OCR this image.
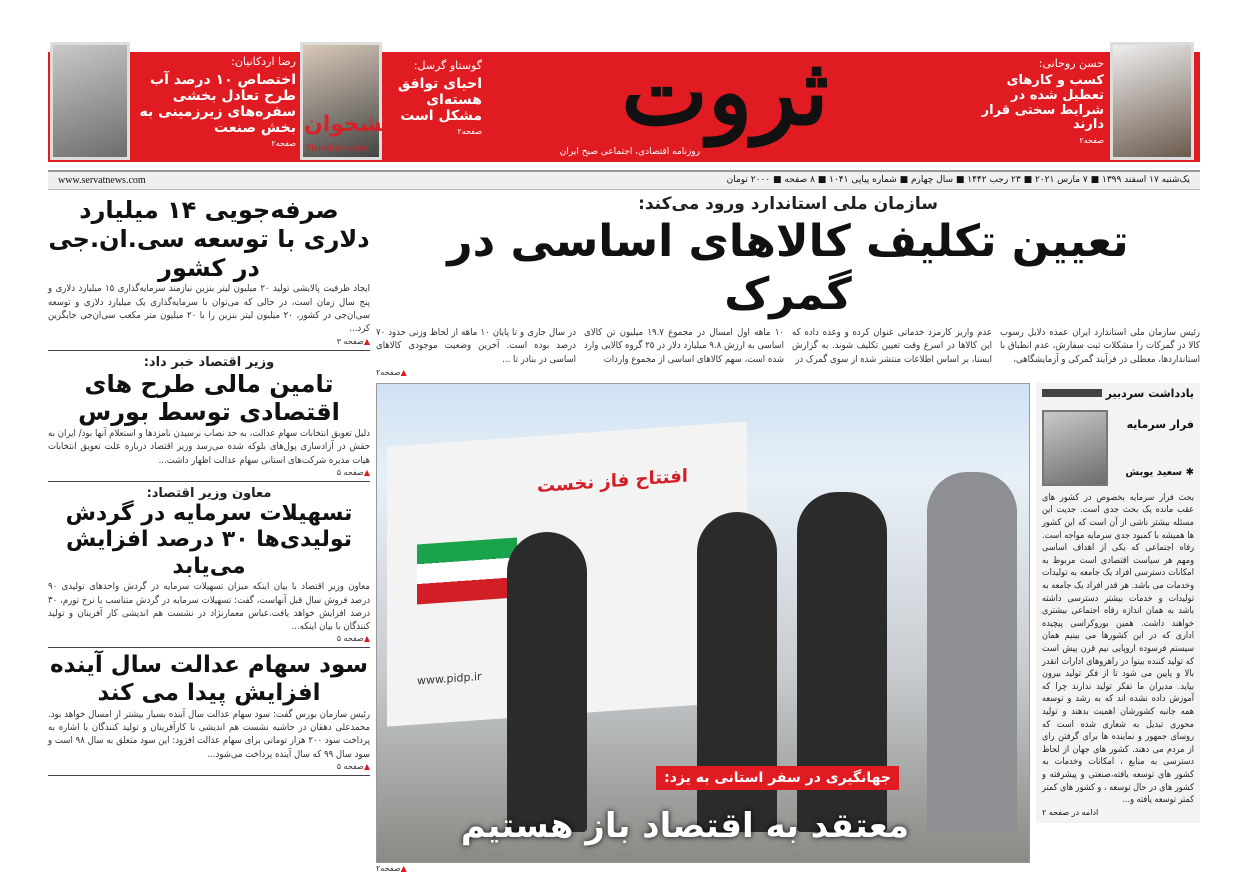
رضا اردکانیان:
اختصاص ۱۰ درصد آب طرح تعادل بخشی سفره‌های زیرزمینی به بخش صنعت
صفحه۲
گوستاو گرسل:
احیای توافق هسته‌ای مشکل است
صفحه۲
پیشخوان
Pishkhan.com
ثروت
روزنامه اقتصادی، اجتماعی صبح ایران
حسن روحانی:
کسب و کارهای تعطیل شده در شرایط سختی قرار دارند
صفحه۲
www.servatnews.com	یک‌شنبه ۱۷ اسفند ۱۳۹۹ ■ ۷ مارس ۲۰۲۱ ■ ۲۳ رجب ۱۴۴۲ ■ سال چهارم ■ شماره پیاپی ۱۰۴۱ ■ ۸ صفحه ■ ۲۰۰۰ تومان
صرفه‌جویی ۱۴ میلیارد دلاری با توسعه سی.ان.جی در کشور
ایجاد ظرفیت پالایشی تولید ۲۰ میلیون لیتر بنزین نیازمند سرمایه‌گذاری ۱۵ میلیارد دلاری و پنج سال زمان است، در حالی که می‌توان با سرمایه‌گذاری یک میلیارد دلاری و توسعه سی‌ان‌جی در کشور، ۲۰ میلیون لیتر بنزین را با ۲۰ میلیون متر مکعب سی‌ان‌جی جایگزین کرد...
▲ صفحه ۳
وزیر اقتصاد خبر داد:
تامین مالی طرح های اقتصادی توسط بورس
دلیل تعویق انتخابات سهام عدالت، به حد نصاب نرسیدن نامزدها و استعلام آنها بود/ ایران به حقش در آزادسازی پول‌های بلوکه شده می‌رسد وزیر اقتصاد درباره علت تعویق انتخابات هیات مدیره شرکت‌های استانی سهام عدالت اظهار داشت...
▲ صفحه ۵
معاون وزیر اقتصاد:
تسهیلات سرمایه در گردش تولیدی‌ها ۳۰ درصد افزایش می‌یابد
معاون وزیر اقتصاد با بیان اینکه میزان تسهیلات سرمایه در گردش واحدهای تولیدی ۹۰ درصد فروش سال قبل آنهاست، گفت: تسهیلات سرمایه در گردش متناسب با نرخ تورم، ۳۰ درصد افزایش خواهد یافت.عباس معمارنژاد در نشست هم اندیشی کار آفرینان و تولید کنندگان با بیان اینکه...
▲ صفحه ۵
سود سهام عدالت سال آینده افزایش پیدا می کند
رئیس سازمان بورس گفت: سود سهام عدالت سال آینده بسیار بیشتر از امسال خواهد بود. محمدعلی دهقان در حاشیه نشست هم اندیشی با کارآفرینان و تولید کنندگان با اشاره به پرداخت سود ۲۰۰ هزار تومانی برای سهام عدالت افزود: این سود متعلق به سال ۹۸ است و سود سال ۹۹ که سال آینده پرداخت می‌شود...
▲ صفحه ۵
سازمان ملی استاندارد ورود می‌کند:
تعیین تکلیف کالاهای اساسی در گمرک
رئیس سازمان ملی استاندارد ایران عمده دلایل رسوب کالا در گمرکات را مشکلات ثبت سفارش، عدم انطباق با استانداردها، معطلی در فرآیند گمرکی و آزمایشگاهی،
عدم واریز کارمزد خدماتی عنوان کرده و وعده داده که این کالاها در اسرع وقت تعیین تکلیف شوند. به گزارش ایسنا، بر اساس اطلاعات منتشر شده از سوی گمرک در
۱۰ ماهه اول امسال در مجموع ۱۹.۷ میلیون تن کالای اساسی به ارزش ۹.۸ میلیارد دلار در ۲۵ گروه کالایی وارد شده است، سهم کالاهای اساسی از مجموع واردات
در سال جاری و تا پایان ۱۰ ماهه از لحاظ وزنی حدود ۷۰ درصد بوده است. آخرین وضعیت موجودی کالاهای اساسی در بنادر تا ...
▲ صفحه۲
یادداشت سردبیر
فرار سرمایه
✱ سعید یوبش
بحث فرار سرمایه بخصوص در کشور های عقب مانده یک بحث جدی است. جدیت این مسئله بیشتر ناشی از آن است که این کشور ها همیشه با کمبود جدی سرمایه مواجه است. رفاه اجتماعی که یکی از اهداف اساسی ومهم هر سیاست اقتصادی است مربوط به امکانات دسترسی افراد یک جامعه به تولیدات وخدمات می باشد. هر قدر افراد یک جامعه به تولیدات و خدمات بیشتر دسترسی داشته باشد به همان اندازه رفاه اجتماعی بیشتری خواهند داشت. همین بوروکراسی پیچیده اداری که در این کشورها می بینیم همان سیستم فرسوده اروپایی نیم قرن پیش است که تولید کننده بینوا در راهروهای ادارات انقدر بالا و پایین می شود تا از فکر تولید بیرون بیاید. مدیران ما تفکر تولید ندارند چرا که آموزش داده نشده اند که به رشد و توسعه همه جانبه کشورشان اهمیت بدهند و تولید محوری تبدیل به شعاری شده است که روسای جمهور و نماینده ها برای گرفتن رای از مردم می دهند. کشور های جهان از لحاظ دسترسی به منابع ، امکانات وخدمات به کشور های توسعه یافته،صنعتی و پیشرفته و کشور های در حال توسعه ، و کشور های کمتر کمتر توسعه یافته و...
ادامه در صفحه ۲
افتتاح فاز نخست
www.pidp.ir
جهانگیری در سفر استانی به یزد:
معتقد به اقتصاد باز هستیم
▲ صفحه۲
